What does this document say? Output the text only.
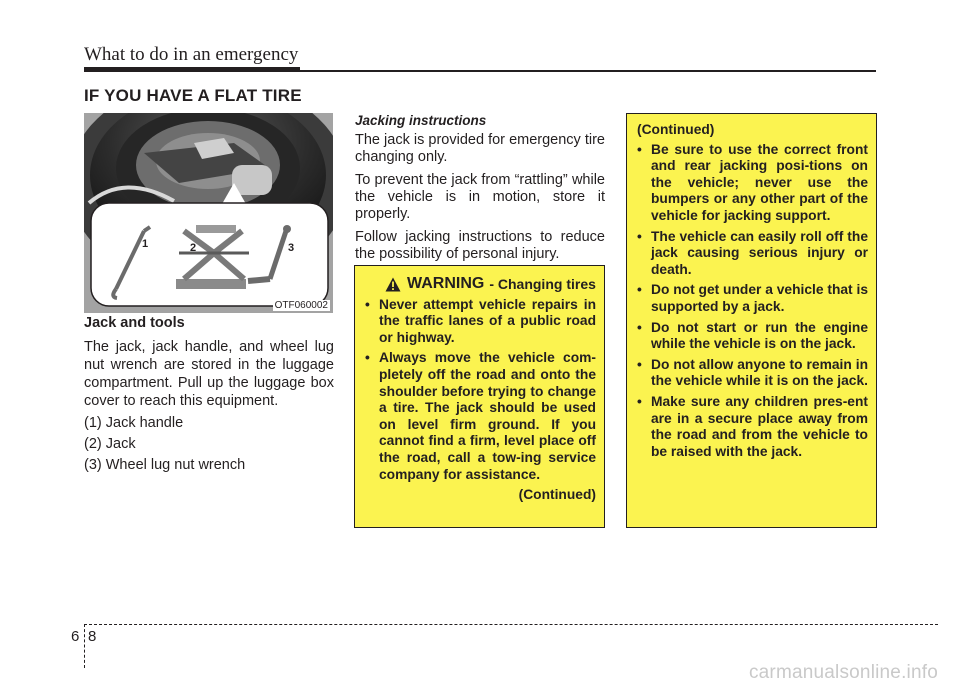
What to do in an emergency
IF YOU HAVE A FLAT TIRE
1	2	3
OTF060002

Jack and tools

The jack, jack handle, and wheel lug nut wrench are stored in the luggage compartment. Pull up the luggage box cover to reach this equipment.

(1) Jack handle
(2) Jack
(3) Wheel lug nut wrench

Jacking instructions

The jack is provided for emergency tire changing only.

To prevent the jack from “rattling” while the vehicle is in motion, store it properly.

Follow jacking instructions to reduce the possibility of personal injury.

WARNING - Changing tires
• Never attempt vehicle repairs in the traffic lanes of a public road or highway.
• Always move the vehicle com-pletely off the road and onto the shoulder before trying to change a tire. The jack should be used on level firm ground. If you cannot find a firm, level place off the road, call a tow-ing service company for assistance.

(Continued)

(Continued)

• Be sure to use the correct front and rear jacking posi-tions on the vehicle; never use the bumpers or any other part of the vehicle for jacking support.
• The vehicle can easily roll off the jack causing serious injury or death.
• Do not get under a vehicle that is supported by a jack.
• Do not start or run the engine while the vehicle is on the jack.
• Do not allow anyone to remain in the vehicle while it is on the jack.
• Make sure any children pres-ent are in a secure place away from the road and from the vehicle to be raised with the jack.
6 8
carmanualsonline.info
